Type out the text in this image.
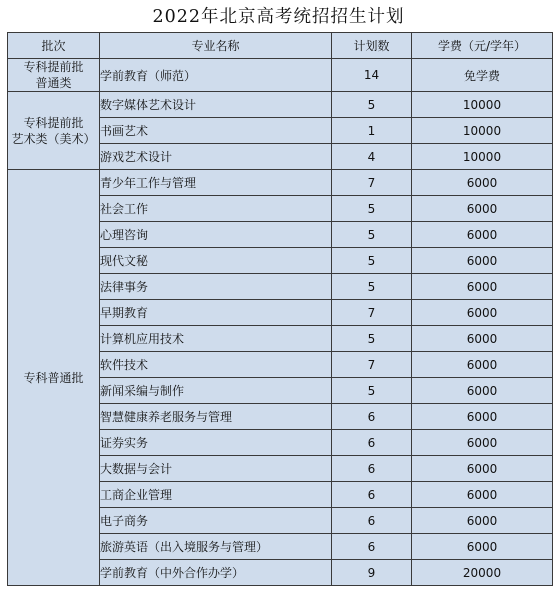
2022年北京高考统招招生计划
批次	专业名称	计划数	学费（元/学年）
专科提前批
普通类	学前教育（师范）	14	免学费
专科提前批
艺术类（美术）	数字媒体艺术设计	5	10000
	书画艺术	1	10000
	游戏艺术设计	4	10000
专科普通批	青少年工作与管理	7	6000
	社会工作	5	6000
	心理咨询	5	6000
	现代文秘	5	6000
	法律事务	5	6000
	早期教育	7	6000
	计算机应用技术	5	6000
	软件技术	7	6000
	新闻采编与制作	5	6000
	智慧健康养老服务与管理	6	6000
	证券实务	6	6000
	大数据与会计	6	6000
	工商企业管理	6	6000
	电子商务	6	6000
	旅游英语（出入境服务与管理）	6	6000
	学前教育（中外合作办学）	9	20000
